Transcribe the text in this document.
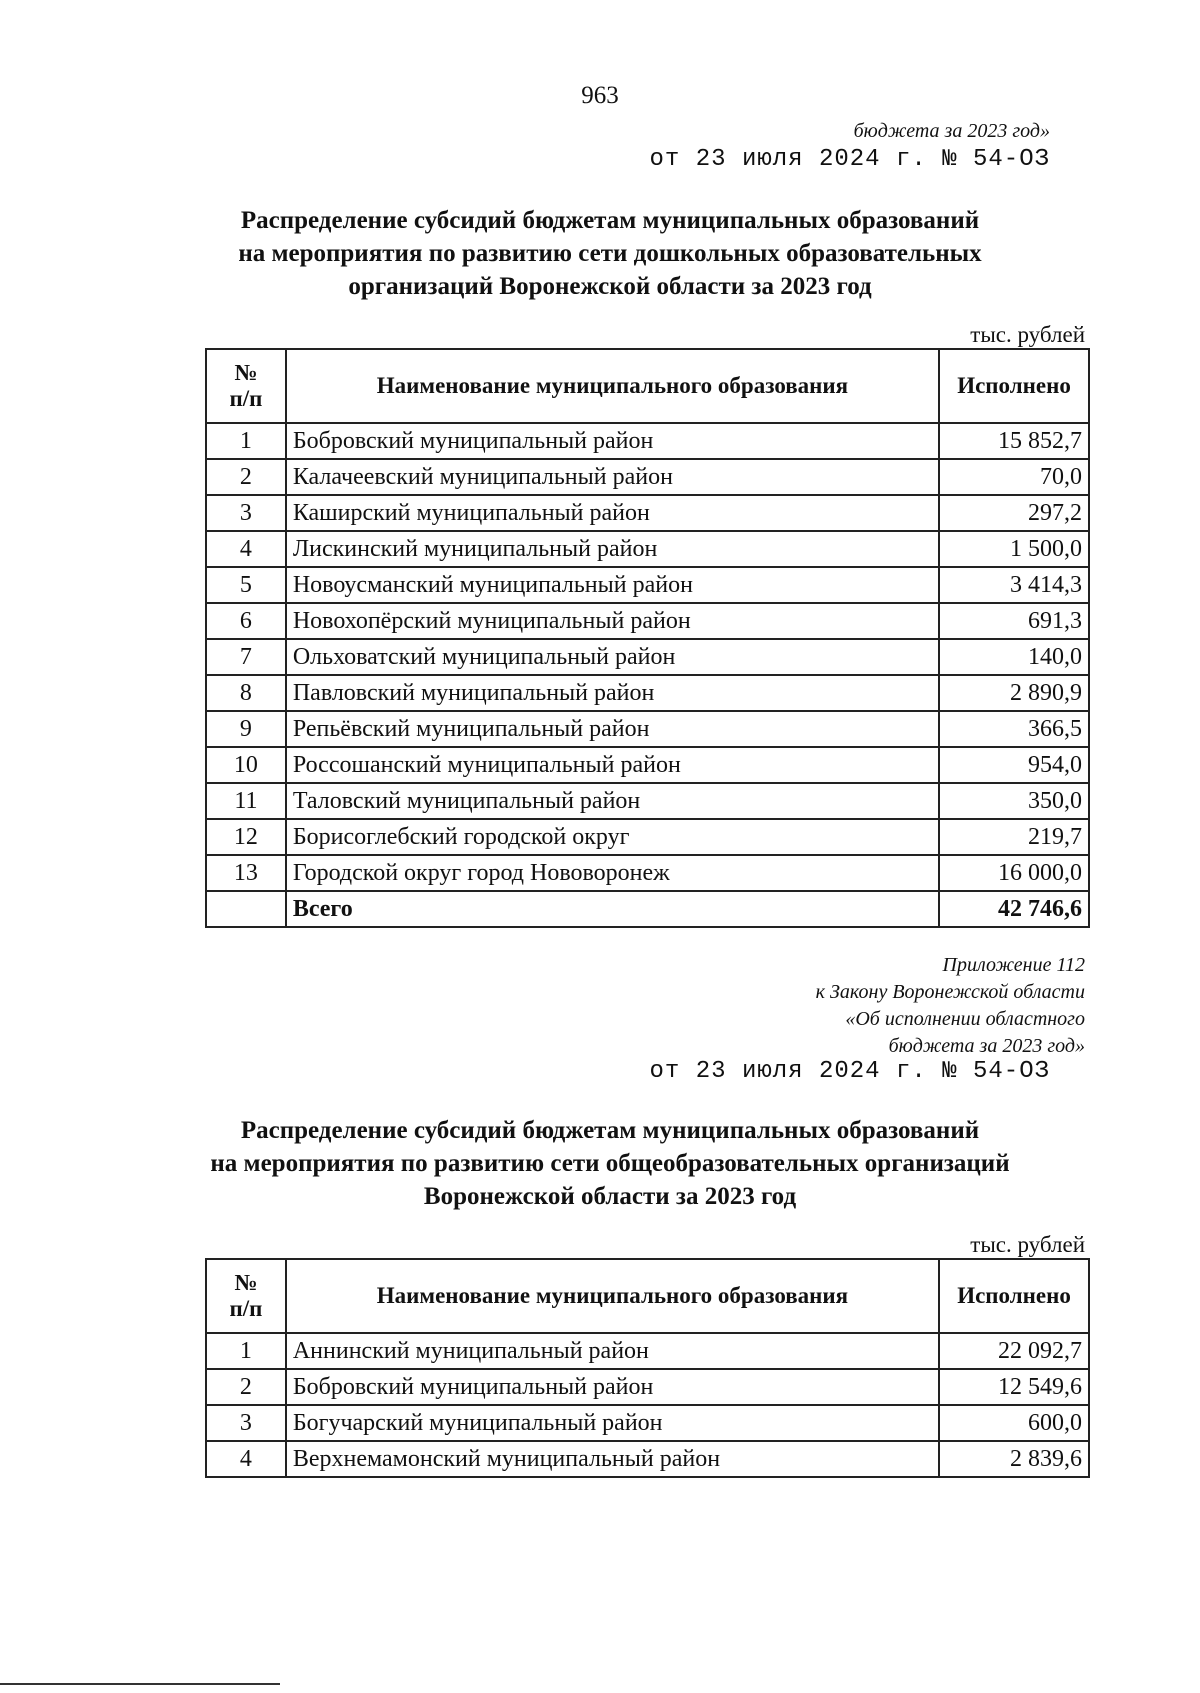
963
бюджета за 2023 год»
от 23 июля 2024 г. № 54-ОЗ
Распределение субсидий бюджетам муниципальных образований
на мероприятия по развитию сети дошкольных образовательных
организаций Воронежской области за 2023 год
тыс. рублей
№
п/п	Наименование муниципального образования	Исполнено
1	Бобровский муниципальный район	15 852,7
2	Калачеевский муниципальный район	70,0
3	Каширский муниципальный район	297,2
4	Лискинский муниципальный район	1 500,0
5	Новоусманский муниципальный район	3 414,3
6	Новохопёрский муниципальный район	691,3
7	Ольховатский муниципальный район	140,0
8	Павловский муниципальный район	2 890,9
9	Репьёвский муниципальный район	366,5
10	Россошанский муниципальный район	954,0
11	Таловский муниципальный район	350,0
12	Борисоглебский городской округ	219,7
13	Городской округ город Нововоронеж	16 000,0
	Всего	42 746,6
Приложение 112
к Закону Воронежской области
«Об исполнении областного
бюджета за 2023 год»
от 23 июля 2024 г. № 54-ОЗ
Распределение субсидий бюджетам муниципальных образований
на мероприятия по развитию сети общеобразовательных организаций
Воронежской области за 2023 год
тыс. рублей
№
п/п	Наименование муниципального образования	Исполнено
1	Аннинский муниципальный район	22 092,7
2	Бобровский муниципальный район	12 549,6
3	Богучарский муниципальный район	600,0
4	Верхнемамонский муниципальный район	2 839,6
